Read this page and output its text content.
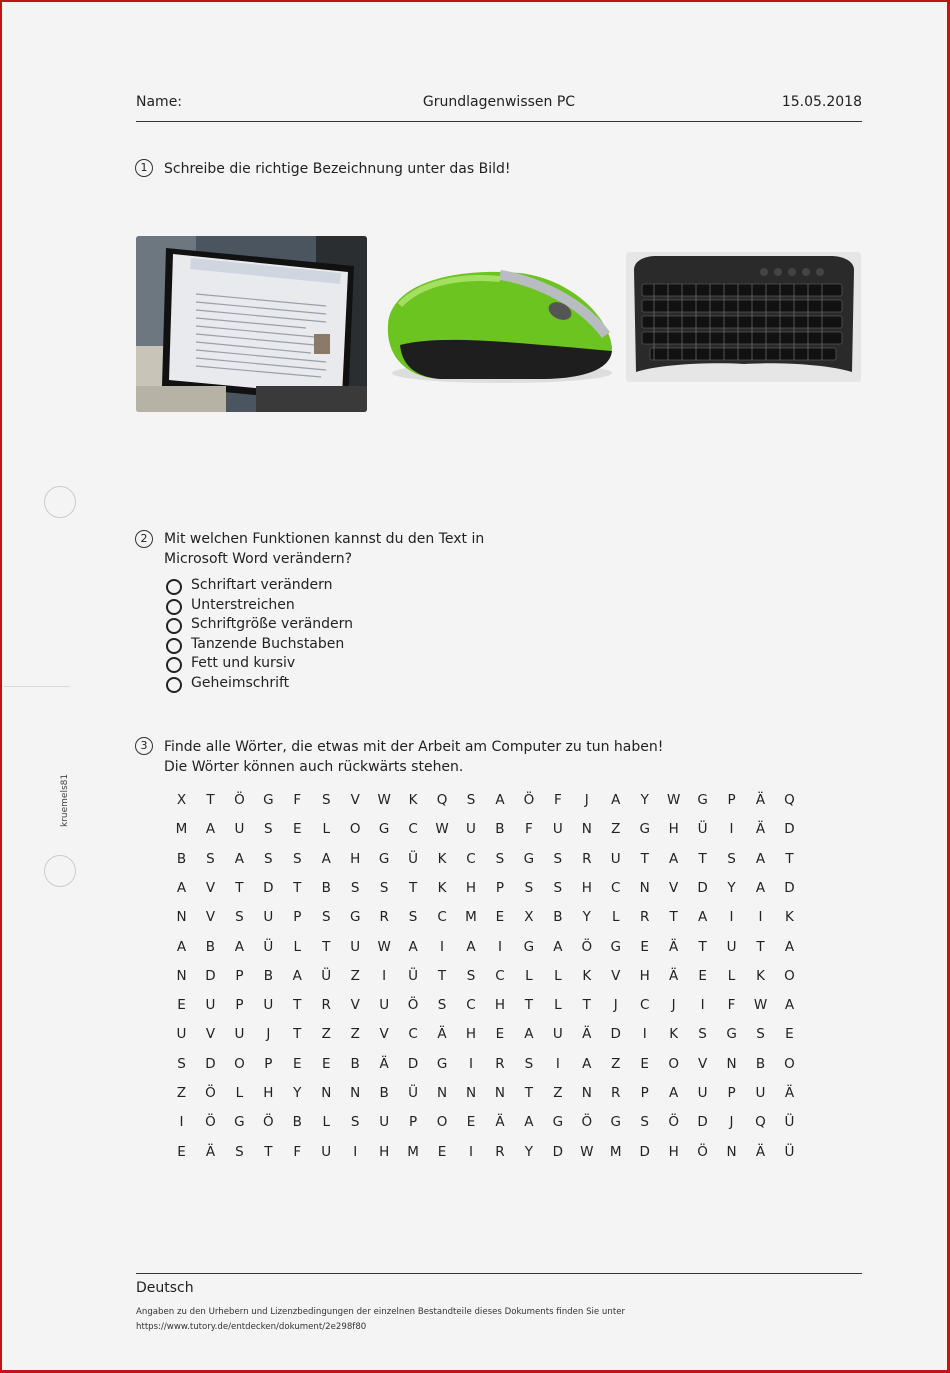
Name:	Grundlagenwissen PC	15.05.2018
kruemels81
1	Schreibe die richtige Bezeichnung unter das Bild!
2	Mit welchen Funktionen kannst du den Text in
Microsoft Word verändern?
Schriftart verändern
Unterstreichen
Schriftgröße verändern
Tanzende Buchstaben
Fett und kursiv
Geheimschrift
3	Finde alle Wörter, die etwas mit der Arbeit am Computer zu tun haben!
Die Wörter können auch rückwärts stehen.
X	T	Ö	G	F	S	V	W	K	Q	S	A	Ö	F	J	A	Y	W	G	P	Ä	Q
M	A	U	S	E	L	O	G	C	W	U	B	F	U	N	Z	G	H	Ü	I	Ä	D
B	S	A	S	S	A	H	G	Ü	K	C	S	G	S	R	U	T	A	T	S	A	T
A	V	T	D	T	B	S	S	T	K	H	P	S	S	H	C	N	V	D	Y	A	D
N	V	S	U	P	S	G	R	S	C	M	E	X	B	Y	L	R	T	A	I	I	K
A	B	A	Ü	L	T	U	W	A	I	A	I	G	A	Ö	G	E	Ä	T	U	T	A
N	D	P	B	A	Ü	Z	I	Ü	T	S	C	L	L	K	V	H	Ä	E	L	K	O
E	U	P	U	T	R	V	U	Ö	S	C	H	T	L	T	J	C	J	I	F	W	A
U	V	U	J	T	Z	Z	V	C	Ä	H	E	A	U	Ä	D	I	K	S	G	S	E
S	D	O	P	E	E	B	Ä	D	G	I	R	S	I	A	Z	E	O	V	N	B	O
Z	Ö	L	H	Y	N	N	B	Ü	N	N	N	T	Z	N	R	P	A	U	P	U	Ä
I	Ö	G	Ö	B	L	S	U	P	O	E	Ä	A	G	Ö	G	S	Ö	D	J	Q	Ü
E	Ä	S	T	F	U	I	H	M	E	I	R	Y	D	W	M	D	H	Ö	N	Ä	Ü
Deutsch
Angaben zu den Urhebern und Lizenzbedingungen der einzelnen Bestandteile dieses Dokuments finden Sie unter
https://www.tutory.de/entdecken/dokument/2e298f80
